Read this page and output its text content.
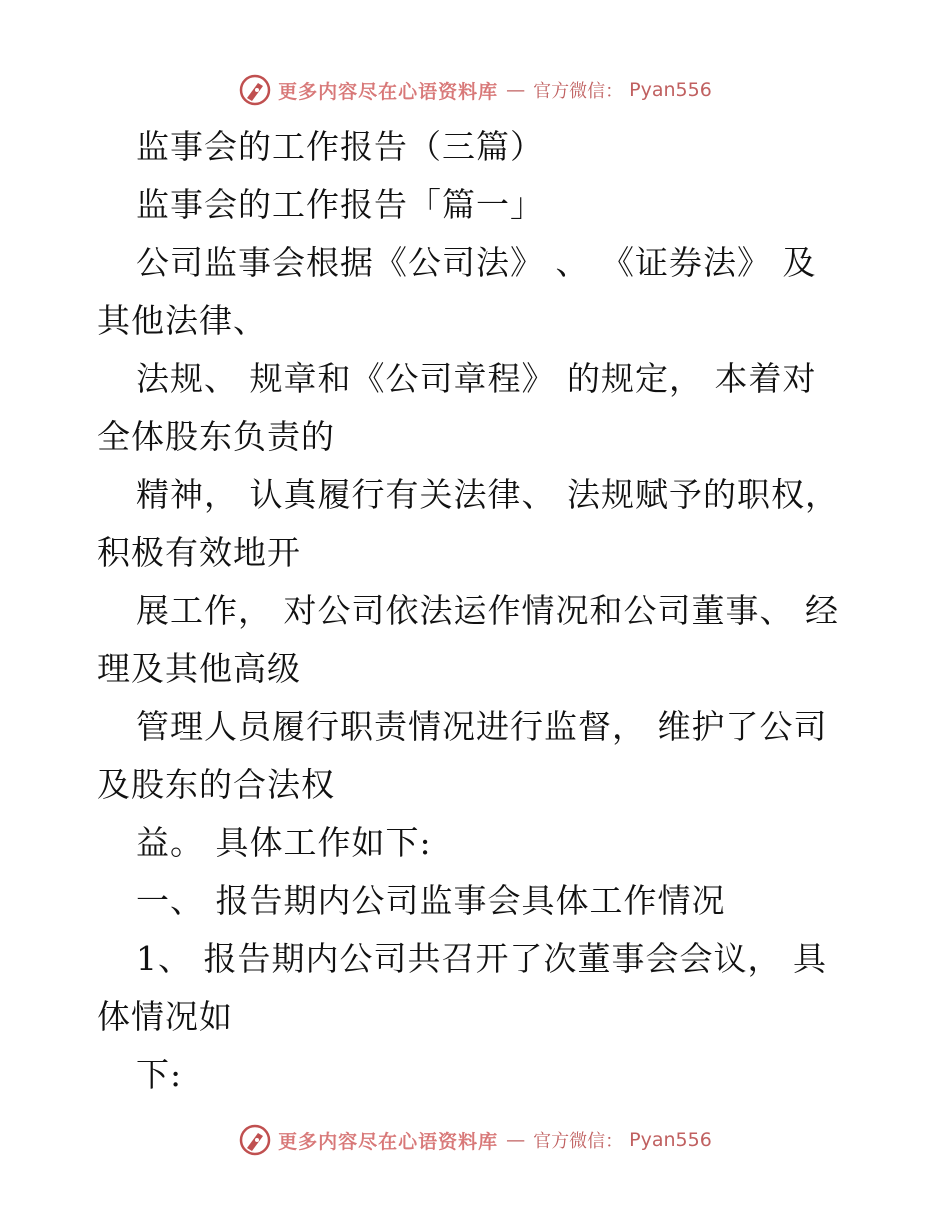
更多内容尽在心语资料库 — 官方微信： Pyan556
监事会的工作报告（三篇）
监事会的工作报告「篇一」
公司监事会根据《公司法》 、 《证券法》 及
其他法律、
法规、 规章和《公司章程》 的规定， 本着对
全体股东负责的
精神， 认真履行有关法律、 法规赋予的职权，
积极有效地开
展工作， 对公司依法运作情况和公司董事、 经
理及其他高级
管理人员履行职责情况进行监督， 维护了公司
及股东的合法权
益。 具体工作如下:
一、 报告期内公司监事会具体工作情况
1、 报告期内公司共召开了次董事会会议， 具
体情况如
下:
更多内容尽在心语资料库 — 官方微信： Pyan556
